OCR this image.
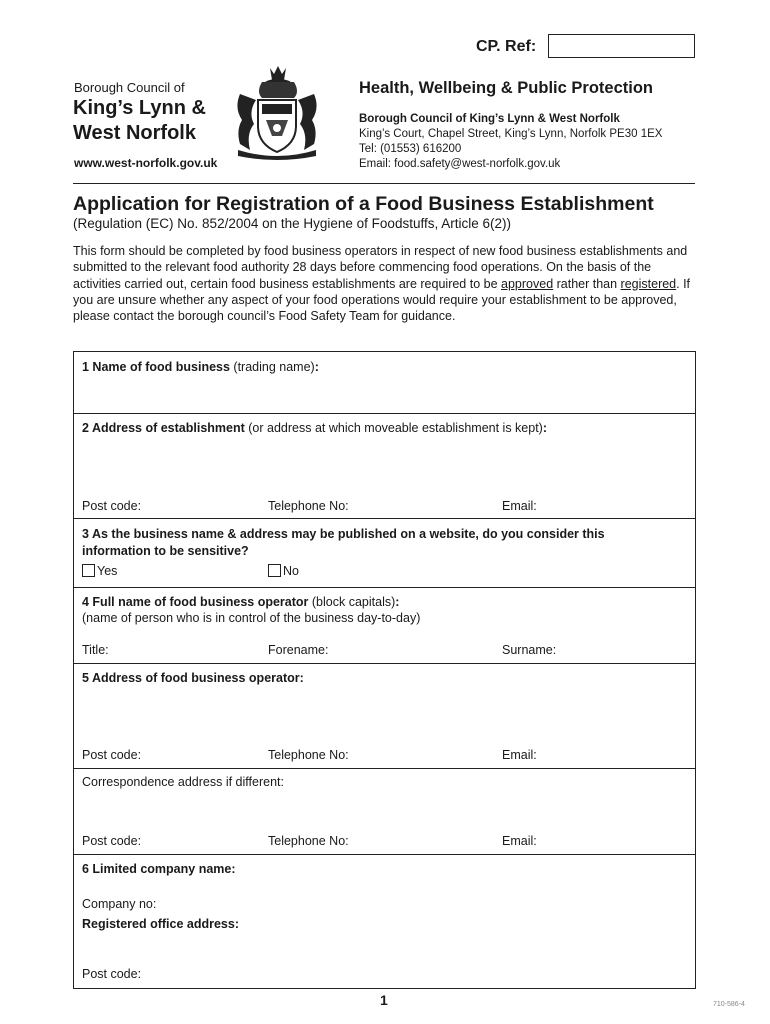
CP. Ref:
Borough Council of
King’s Lynn &
West Norfolk
www.west-norfolk.gov.uk
Health, Wellbeing & Public Protection
Borough Council of King’s Lynn & West Norfolk
King’s Court, Chapel Street, King’s Lynn, Norfolk PE30 1EX
Tel: (01553) 616200
Email: food.safety@west-norfolk.gov.uk
Application for Registration of a Food Business Establishment
(Regulation (EC) No. 852/2004 on the Hygiene of Foodstuffs, Article 6(2))
This form should be completed by food business operators in respect of new food business establishments and submitted to the relevant food authority 28 days before commencing food operations. On the basis of the activities carried out, certain food business establishments are required to be approved rather than registered. If you are unsure whether any aspect of your food operations would require your establishment to be approved, please contact the borough council’s Food Safety Team for guidance.
1 Name of food business (trading name):
2 Address of establishment (or address at which moveable establishment is kept):
Post code:	Telephone No:	Email:
3 As the business name & address may be published on a website, do you consider this
information to be sensitive?
Yes	No
4 Full name of food business operator (block capitals):
(name of person who is in control of the business day-to-day)
Title:	Forename:	Surname:
5 Address of food business operator:
Post code:	Telephone No:	Email:
Correspondence address if different:
Post code:	Telephone No:	Email:
6 Limited company name:
Company no:
Registered office address:
Post code:
1	710-586-4
